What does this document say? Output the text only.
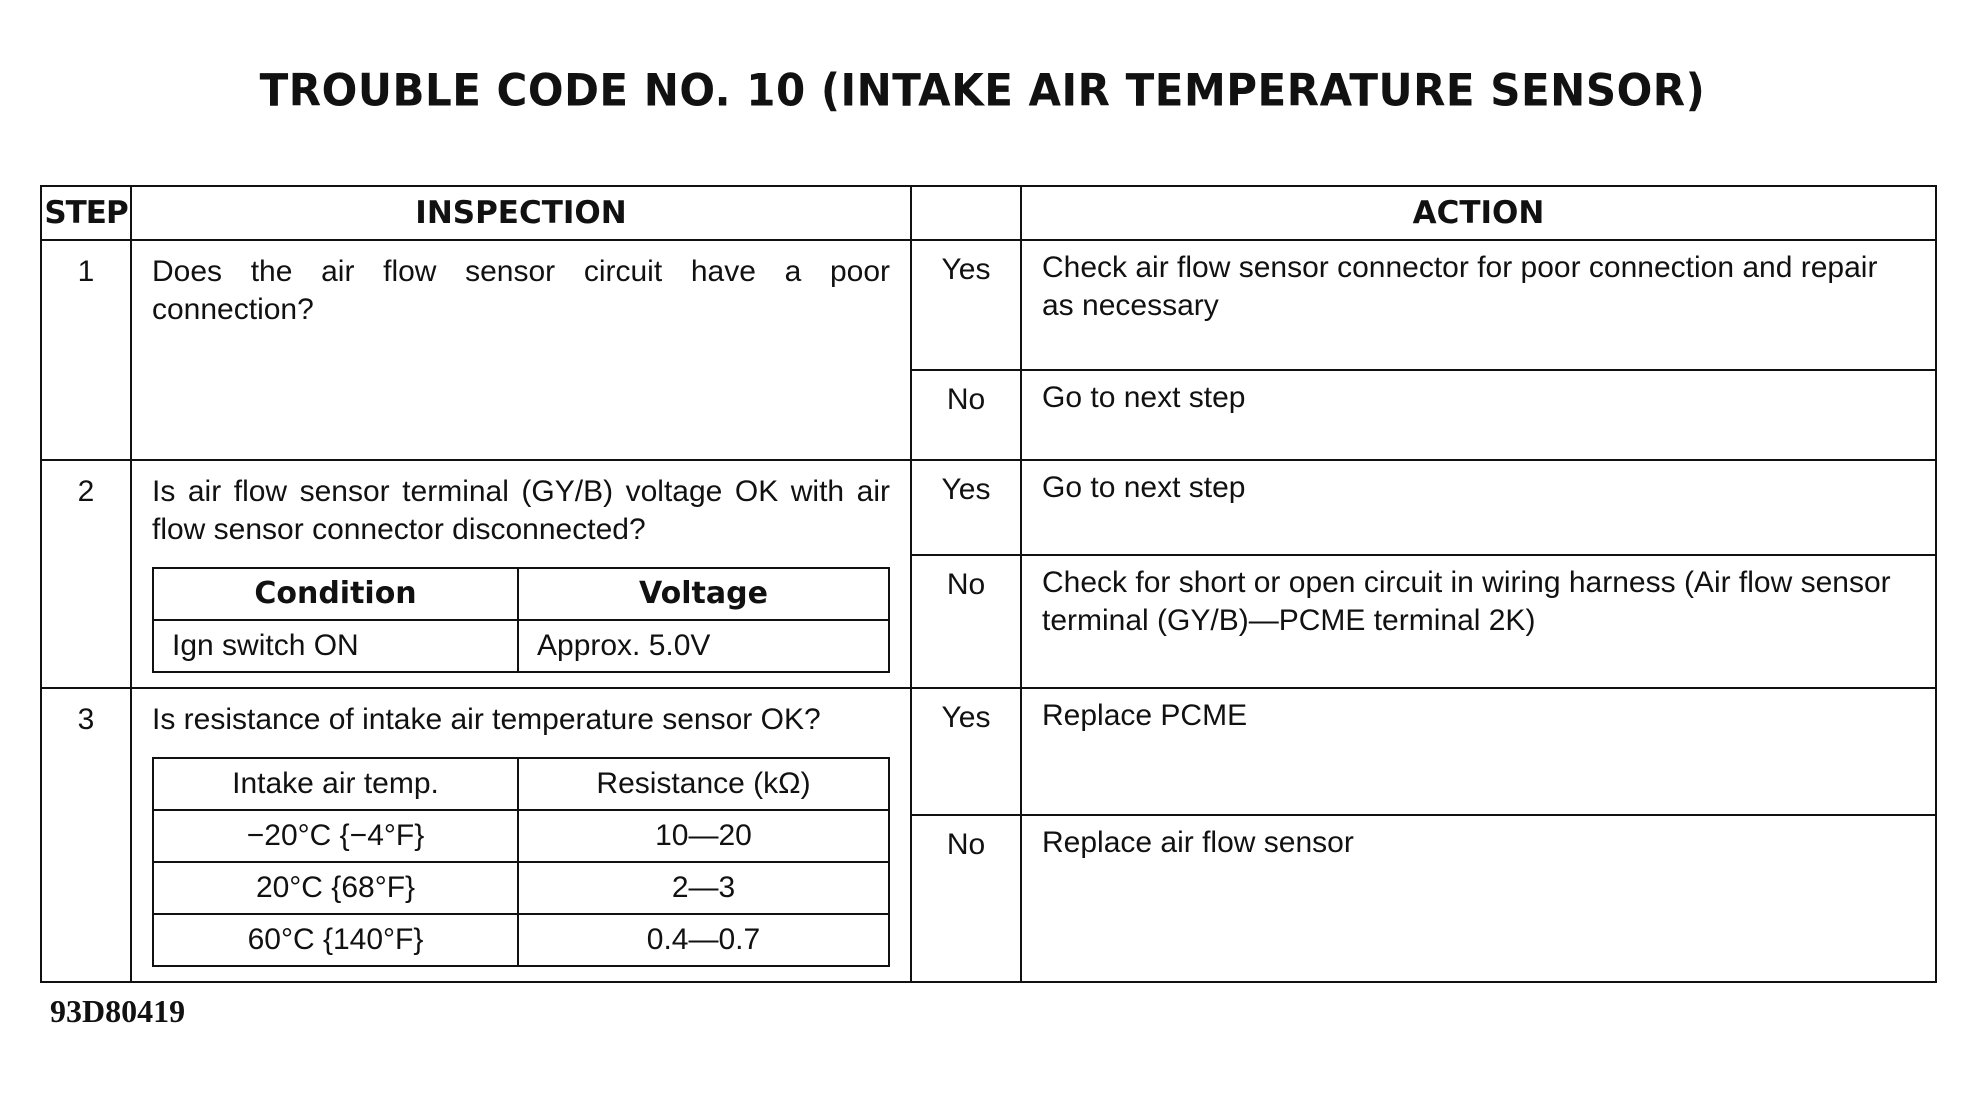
TROUBLE CODE NO. 10 (INTAKE AIR TEMPERATURE SENSOR)
STEP	INSPECTION		ACTION
1	Does the air flow sensor circuit have a poor connection?	Yes	Check air flow sensor connector for poor connection and repair as necessary
No	Go to next step
2	Is air flow sensor terminal (GY/B) voltage OK with air flow sensor connector disconnected?
Condition	Voltage
Ign switch ON	Approx. 5.0V
	Yes	Go to next step
No	Check for short or open circuit in wiring harness (Air flow sensor terminal (GY/B)—PCME terminal 2K)
3	Is resistance of intake air temperature sensor OK?
Intake air temp.	Resistance (kΩ)
−20°C {−4°F}	10—20
20°C {68°F}	2—3
60°C {140°F}	0.4—0.7
	Yes	Replace PCME
No	Replace air flow sensor
93D80419
